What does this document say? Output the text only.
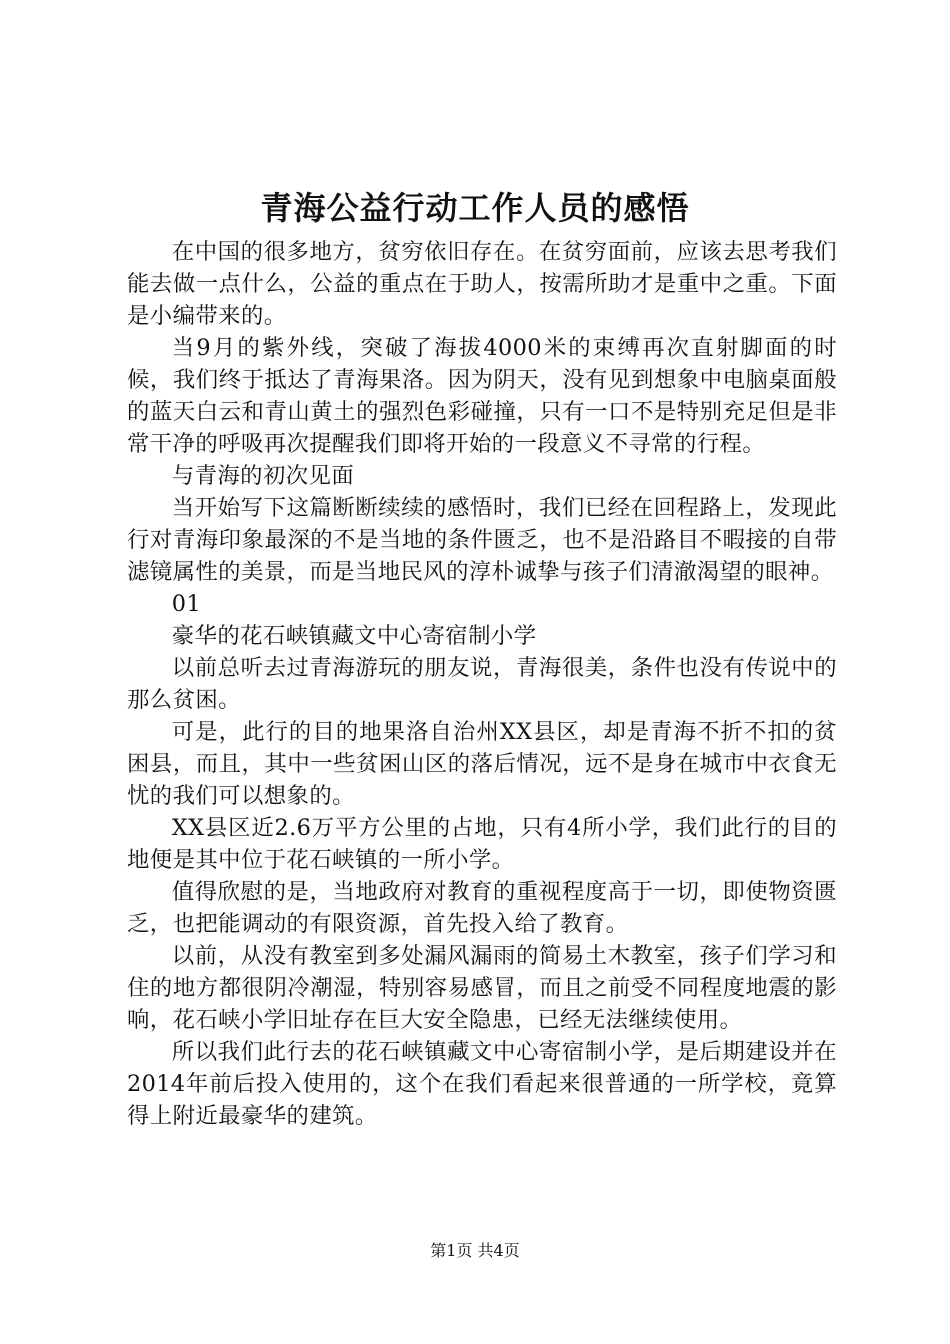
青海公益行动工作人员的感悟

在中国的很多地方，贫穷依旧存在。在贫穷面前，应该去思考我们能去做一点什么，公益的重点在于助人，按需所助才是重中之重。下面是小编带来的。

当9月的紫外线，突破了海拔4000米的束缚再次直射脚面的时候，我们终于抵达了青海果洛。因为阴天，没有见到想象中电脑桌面般的蓝天白云和青山黄土的强烈色彩碰撞，只有一口不是特别充足但是非常干净的呼吸再次提醒我们即将开始的一段意义不寻常的行程。

与青海的初次见面

当开始写下这篇断断续续的感悟时，我们已经在回程路上，发现此行对青海印象最深的不是当地的条件匮乏，也不是沿路目不暇接的自带滤镜属性的美景，而是当地民风的淳朴诚挚与孩子们清澈渴望的眼神。

01

豪华的花石峡镇藏文中心寄宿制小学

以前总听去过青海游玩的朋友说，青海很美，条件也没有传说中的那么贫困。

可是，此行的目的地果洛自治州XX县区，却是青海不折不扣的贫困县，而且，其中一些贫困山区的落后情况，远不是身在城市中衣食无忧的我们可以想象的。

XX县区近2.6万平方公里的占地，只有4所小学，我们此行的目的地便是其中位于花石峡镇的一所小学。

值得欣慰的是，当地政府对教育的重视程度高于一切，即使物资匮乏，也把能调动的有限资源，首先投入给了教育。

以前，从没有教室到多处漏风漏雨的简易土木教室，孩子们学习和住的地方都很阴冷潮湿，特别容易感冒，而且之前受不同程度地震的影响，花石峡小学旧址存在巨大安全隐患，已经无法继续使用。

所以我们此行去的花石峡镇藏文中心寄宿制小学，是后期建设并在2014年前后投入使用的，这个在我们看起来很普通的一所学校，竟算得上附近最豪华的建筑。

第1页 共4页
